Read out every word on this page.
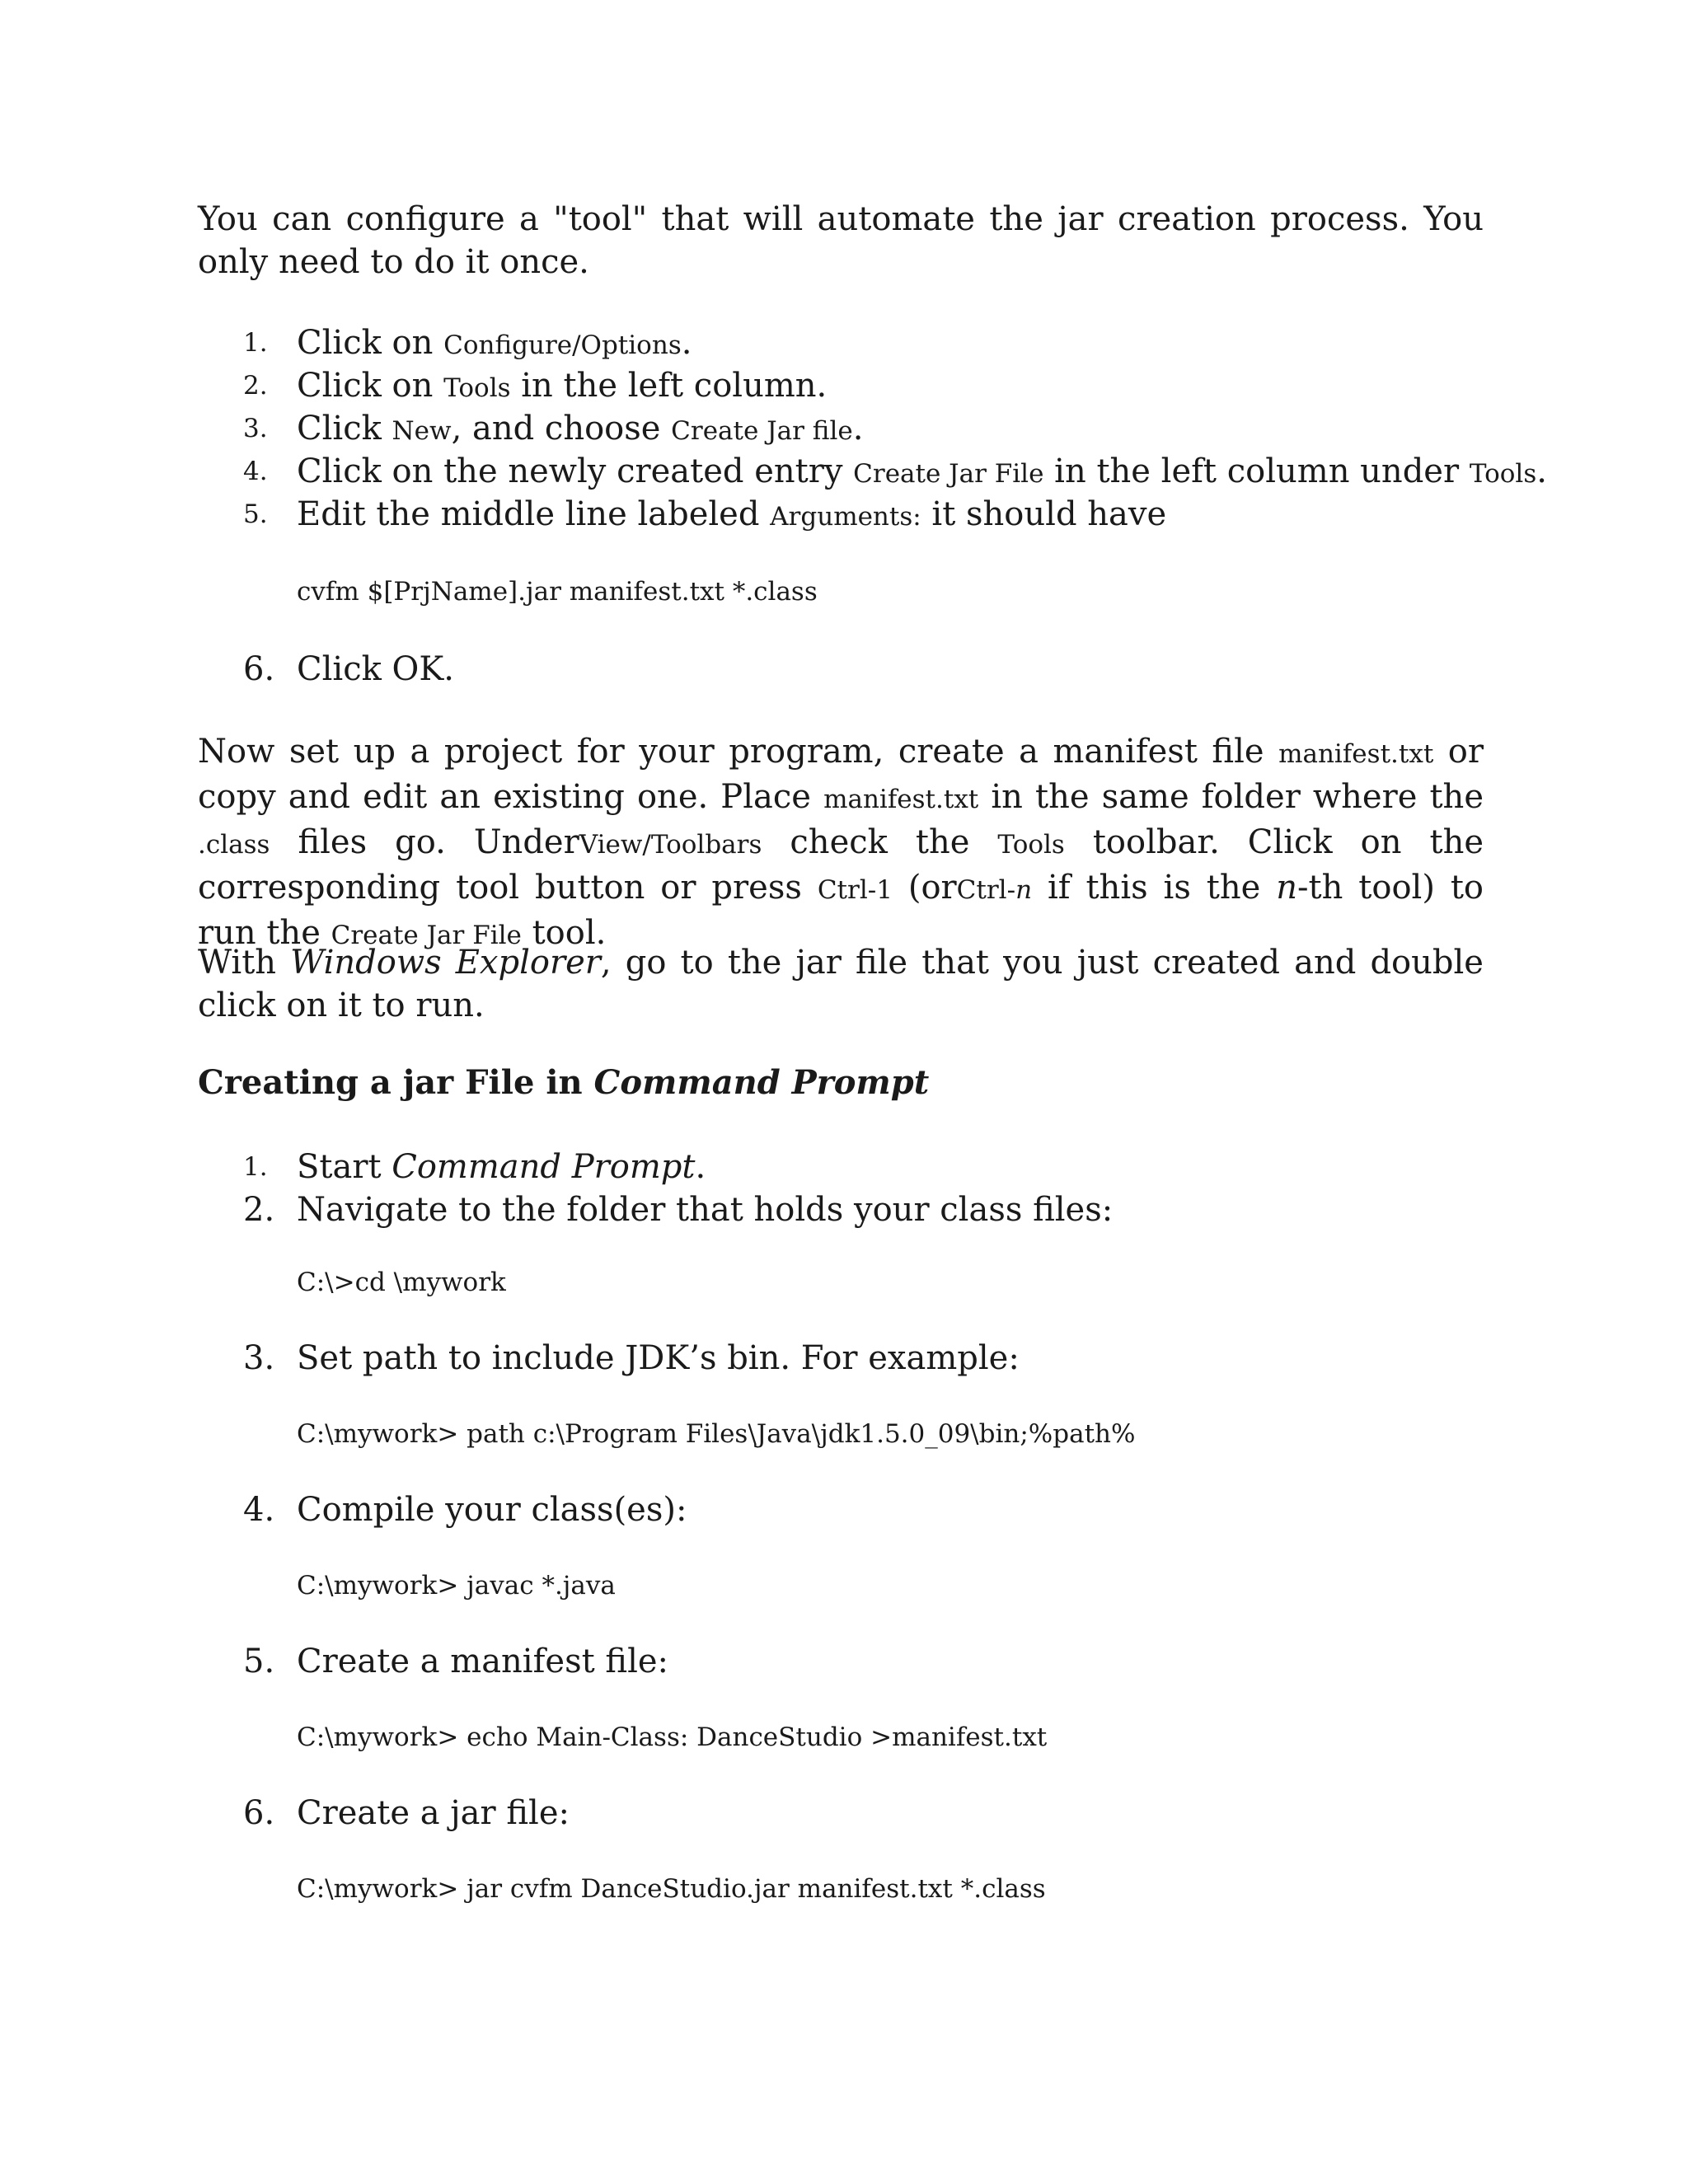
You can configure a "tool" that will automate the jar creation process. You only need to do it once.

1. Click on Configure/Options.
2. Click on Tools in the left column.
3. Click New, and choose Create Jar file.
4. Click on the newly created entry Create Jar File in the left column under Tools.
5. Edit the middle line labeled Arguments: it should have

cvfm $[PrjName].jar manifest.txt *.class

6. Click OK.

Now set up a project for your program, create a manifest file manifest.txt or copy and edit an existing one. Place manifest.txt in the same folder where the .class files go. UnderView/Toolbars check the Tools toolbar. Click on the corresponding tool button or press Ctrl-1 (orCtrl-n if this is the n-th tool) to run the Create Jar File tool.

With Windows Explorer, go to the jar file that you just created and double click on it to run.

Creating a jar File in Command Prompt
1. Start Command Prompt.
2. Navigate to the folder that holds your class files:

C:\>cd \mywork

3. Set path to include JDK’s bin. For example:

C:\mywork> path c:\Program Files\Java\jdk1.5.0_09\bin;%path%

4. Compile your class(es):

C:\mywork> javac *.java

5. Create a manifest file:

C:\mywork> echo Main-Class: DanceStudio >manifest.txt

6. Create a jar file:

C:\mywork> jar cvfm DanceStudio.jar manifest.txt *.class
